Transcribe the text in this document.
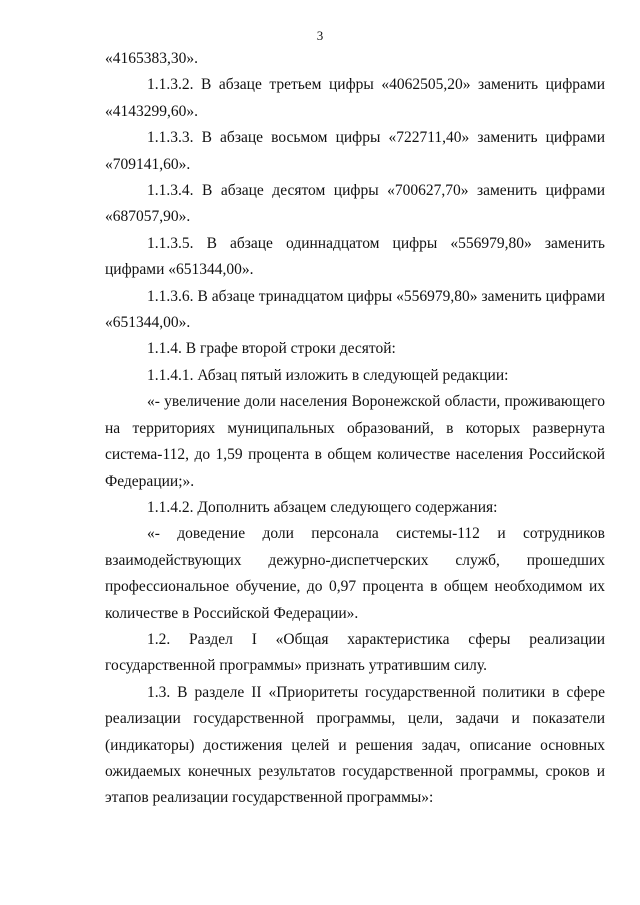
3

«4165383,30».

1.1.3.2. В абзаце третьем цифры «4062505,20» заменить цифрами «4143299,60».

1.1.3.3. В абзаце восьмом цифры «722711,40» заменить цифрами «709141,60».

1.1.3.4. В абзаце десятом цифры «700627,70» заменить цифрами «687057,90».

1.1.3.5. В абзаце одиннадцатом цифры «556979,80» заменить цифрами «651344,00».

1.1.3.6. В абзаце тринадцатом цифры «556979,80» заменить цифрами «651344,00».

1.1.4. В графе второй строки десятой:

1.1.4.1. Абзац пятый изложить в следующей редакции:

«- увеличение доли населения Воронежской области, проживающего на территориях муниципальных образований, в которых развернута система-112, до 1,59 процента в общем количестве населения Российской Федерации;».

1.1.4.2. Дополнить абзацем следующего содержания:

«- доведение доли персонала системы-112 и сотрудников взаимодействующих дежурно-диспетчерских служб, прошедших профессиональное обучение, до 0,97 процента в общем необходимом их количестве в Российской Федерации».

1.2. Раздел I «Общая характеристика сферы реализации государственной программы» признать утратившим силу.

1.3. В разделе II «Приоритеты государственной политики в сфере реализации государственной программы, цели, задачи и показатели (индикаторы) достижения целей и решения задач, описание основных ожидаемых конечных результатов государственной программы, сроков и этапов реализации государственной программы»:
